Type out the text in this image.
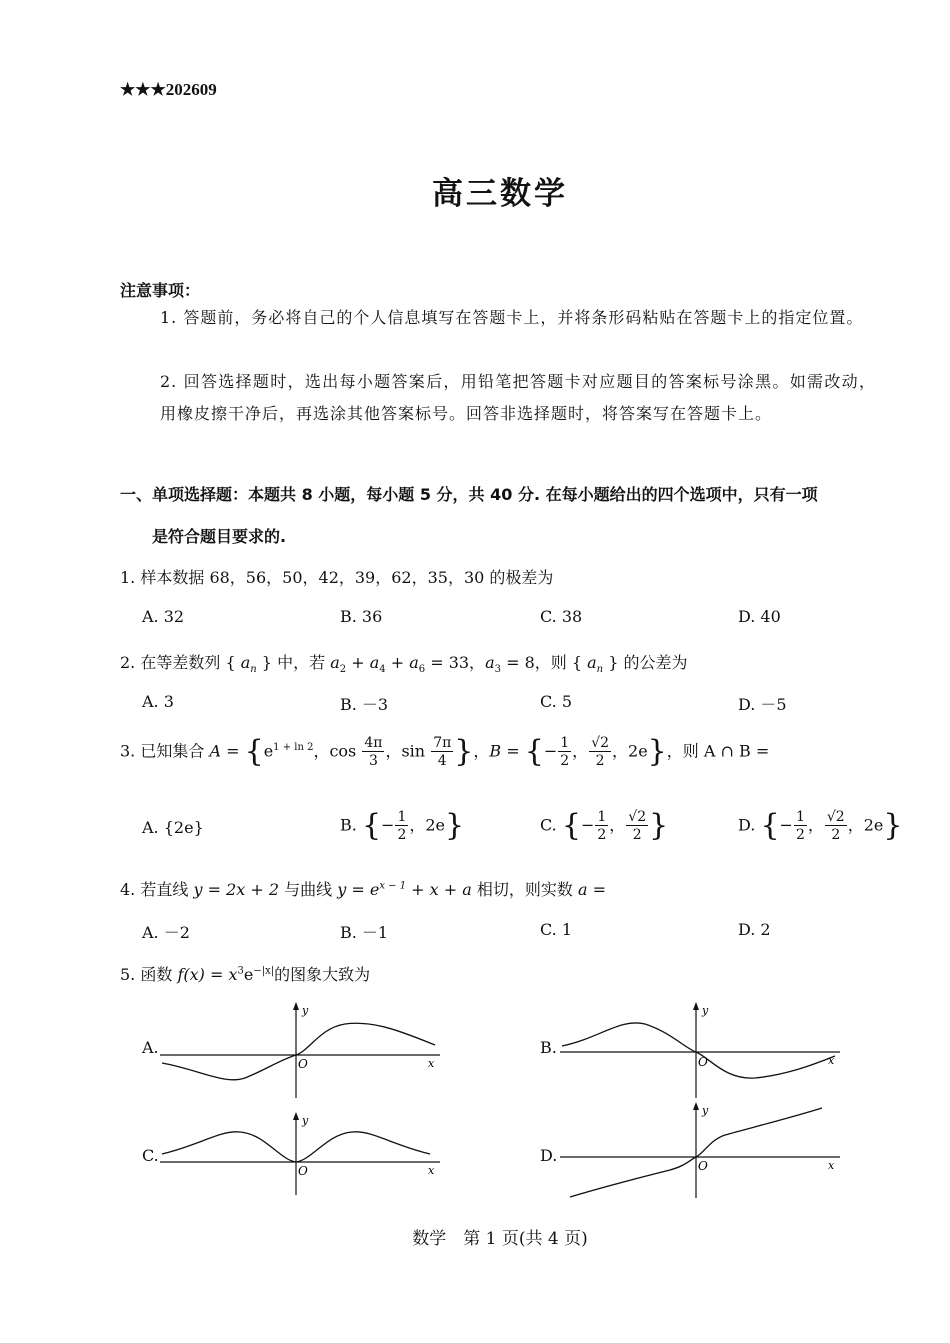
★★★202609
高三数学
注意事项：
1. 答题前，务必将自己的个人信息填写在答题卡上，并将条形码粘贴在答题卡上的指定位置。
2. 回答选择题时，选出每小题答案后，用铅笔把答题卡对应题目的答案标号涂黑。如需改动，用橡皮擦干净后，再选涂其他答案标号。回答非选择题时，将答案写在答题卡上。
一、单项选择题：本题共 8 小题，每小题 5 分，共 40 分. 在每小题给出的四个选项中，只有一项
是符合题目要求的.
1. 样本数据 68，56，50，42，39，62，35，30 的极差为
A. 32	B. 36	C. 38	D. 40
2. 在等差数列 { $a_n$ } 中，若 $a_2 + a_4 + a_6 = 33$，$a_3 = 8$，则 { $a_n$ } 的公差为
A. 3	B. －3	C. 5	D. －5
3. 已知集合 $A = \{e^{1 + ln 2}$，$\cos \frac{4\pi}{3}$ ，$\sin \frac{7\pi}{4}$ }，B = {− $\frac{1}{2}$ ， $\frac{√2}{2}$ ，2e}，则 A ∩ B =
A. {2e}	B. {− $\frac{1}{2}$ ，2e}	C. {− $\frac{1}{2}$ ， $\frac{√2}{2}$ }	D. {− $\frac{1}{2}$ ， $\frac{√2}{2}$ ，2e}
4. 若直线 y = 2x + 2 与曲线 $y = e^{x - 1} + x + a$ 相切，则实数 a =
A. －2	B. －1	C. 1	D. 2
5. 函数 $f(x) = x^3e^{-|x|}$的图象大致为
A.
y
x
O
B.
y
x
O
C.
y
x
O
D.
y
x
O
数学　第 1 页(共 4 页)
